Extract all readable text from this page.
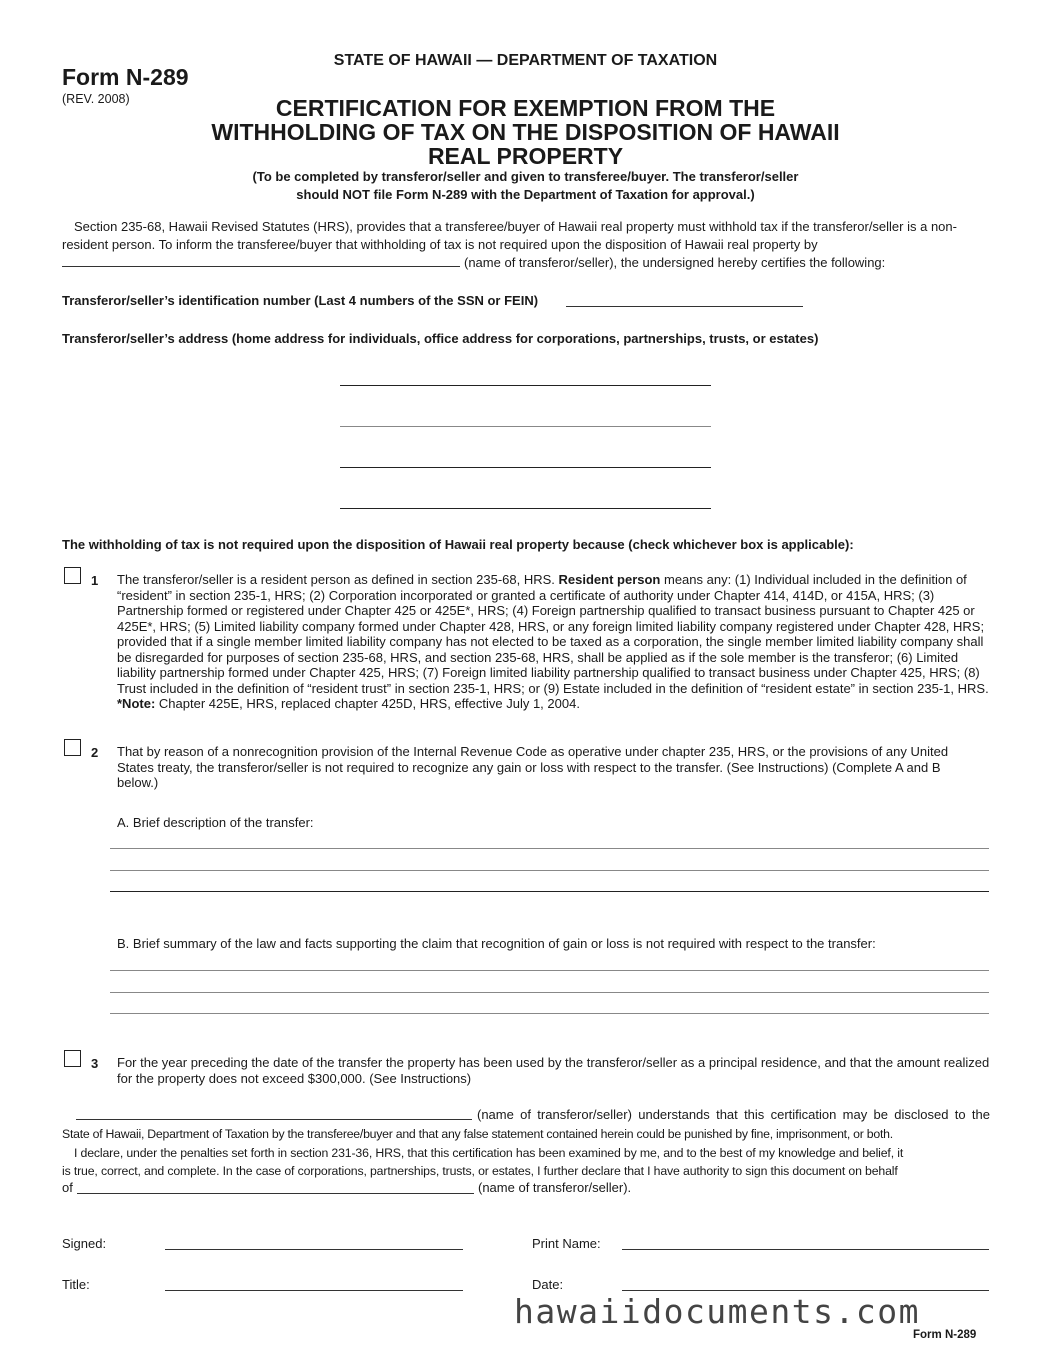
Form N-289
(REV. 2008)
STATE OF HAWAII — DEPARTMENT OF TAXATION
CERTIFICATION FOR EXEMPTION FROM THE
WITHHOLDING OF TAX ON THE DISPOSITION OF HAWAII
REAL PROPERTY
(To be completed by transferor/seller and given to transferee/buyer. The transferor/seller
should NOT file Form N-289 with the Department of Taxation for approval.)
Section 235-68, Hawaii Revised Statutes (HRS), provides that a transferee/buyer of Hawaii real property must withhold tax if the transferor/seller is a non-
resident person. To inform the transferee/buyer that withholding of tax is not required upon the disposition of Hawaii real property by
(name of transferor/seller), the undersigned hereby certifies the following:
Transferor/seller’s identification number (Last 4 numbers of the SSN or FEIN)
Transferor/seller’s address (home address for individuals, office address for corporations, partnerships, trusts, or estates)
The withholding of tax is not required upon the disposition of Hawaii real property because (check whichever box is applicable):
1 The transferor/seller is a resident person as defined in section 235-68, HRS. Resident person means any: (1) Individual included in the definition of “resident” in section 235-1, HRS; (2) Corporation incorporated or granted a certificate of authority under Chapter 414, 414D, or 415A, HRS; (3) Partnership formed or registered under Chapter 425 or 425E*, HRS; (4) Foreign partnership qualified to transact business pursuant to Chapter 425 or 425E*, HRS; (5) Limited liability company formed under Chapter 428, HRS, or any foreign limited liability company registered under Chapter 428, HRS; provided that if a single member limited liability company has not elected to be taxed as a corporation, the single member limited liability company shall be disregarded for purposes of section 235-68, HRS, and section 235-68, HRS, shall be applied as if the sole member is the transferor; (6) Limited liability partnership formed under Chapter 425, HRS; (7) Foreign limited liability partnership qualified to transact business under Chapter 425, HRS; (8) Trust included in the definition of “resident trust” in section 235-1, HRS; or (9) Estate included in the definition of “resident estate” in section 235-1, HRS.
*Note: Chapter 425E, HRS, replaced chapter 425D, HRS, effective July 1, 2004.
2 That by reason of a nonrecognition provision of the Internal Revenue Code as operative under chapter 235, HRS, or the provisions of any United States treaty, the transferor/seller is not required to recognize any gain or loss with respect to the transfer. (See Instructions) (Complete A and B below.)
A. Brief description of the transfer:
B. Brief summary of the law and facts supporting the claim that recognition of gain or loss is not required with respect to the transfer:
3 For the year preceding the date of the transfer the property has been used by the transferor/seller as a principal residence, and that the amount realized for the property does not exceed $300,000. (See Instructions)
(name of transferor/seller) understands that this certification may be disclosed to the
State of Hawaii, Department of Taxation by the transferee/buyer and that any false statement contained herein could be punished by fine, imprisonment, or both.
I declare, under the penalties set forth in section 231-36, HRS, that this certification has been examined by me, and to the best of my knowledge and belief, it
is true, correct, and complete. In the case of corporations, partnerships, trusts, or estates, I further declare that I have authority to sign this document on behalf
of	(name of transferor/seller).
Signed:	Print Name:
Title:	Date:
hawaiidocuments.com
Form N-289
